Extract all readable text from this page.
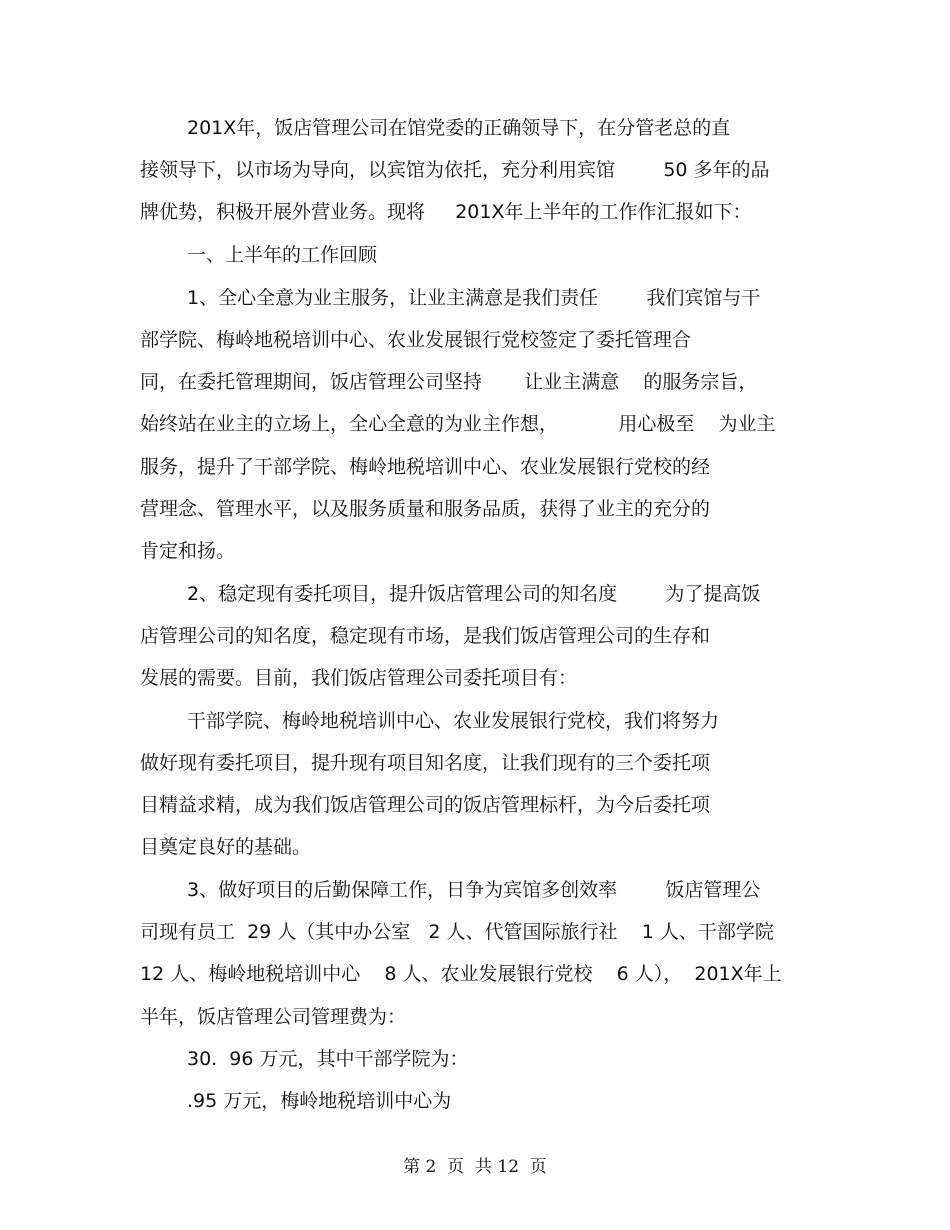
201X年，饭店管理公司在馆党委的正确领导下，在分管老总的直
接领导下，以市场为导向，以宾馆为依托，充分利用宾馆        50 多年的品
牌优势，积极开展外营业务。现将     201X年上半年的工作作汇报如下：
一、上半年的工作回顾
1、全心全意为业主服务，让业主满意是我们责任        我们宾馆与干
部学院、梅岭地税培训中心、农业发展银行党校签定了委托管理合
同，在委托管理期间，饭店管理公司坚持       让业主满意    的服务宗旨，
始终站在业主的立场上，全心全意的为业主作想，          用心极至    为业主
服务，提升了干部学院、梅岭地税培训中心、农业发展银行党校的经
营理念、管理水平，以及服务质量和服务品质，获得了业主的充分的
肯定和扬。
2、稳定现有委托项目，提升饭店管理公司的知名度        为了提高饭
店管理公司的知名度，稳定现有市场，是我们饭店管理公司的生存和
发展的需要。目前，我们饭店管理公司委托项目有：
干部学院、梅岭地税培训中心、农业发展银行党校，我们将努力
做好现有委托项目，提升现有项目知名度，让我们现有的三个委托项
目精益求精，成为我们饭店管理公司的饭店管理标杆，为今后委托项
目奠定良好的基础。
3、做好项目的后勤保障工作，日争为宾馆多创效率        饭店管理公
司现有员工  29 人（其中办公室   2 人、代管国际旅行社    1 人、干部学院
12 人、梅岭地税培训中心    8 人、农业发展银行党校    6 人），  201X年上
半年，饭店管理公司管理费为：
30.  96 万元，其中干部学院为：
.95 万元，梅岭地税培训中心为
第 2  页  共 12  页
